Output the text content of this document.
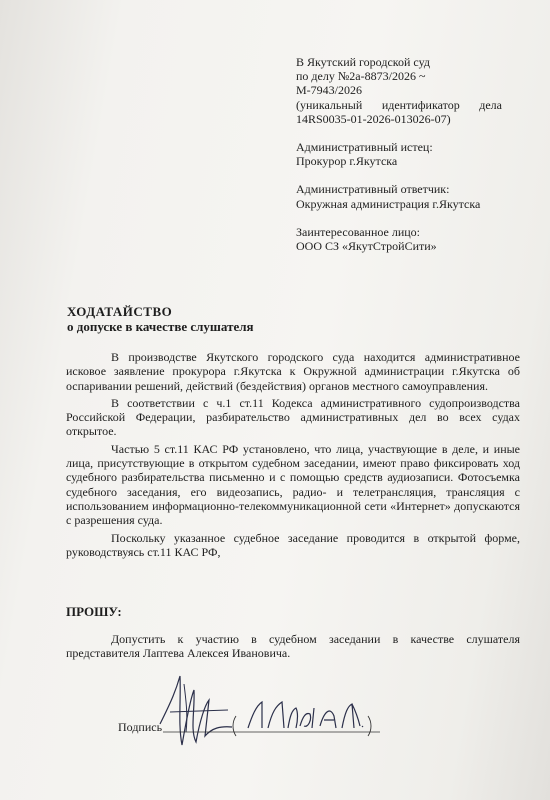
В Якутский городской суд

по делу №2а-8873/2026 ~

М-7943/2026

(уникальный идентификатор дела

14RS0035-01-2026-013026-07)

Административный истец:

Прокурор г.Якутска

Административный ответчик:

Окружная администрация г.Якутска

Заинтересованное лицо:

ООО СЗ «ЯкутСтройСити»

ХОДАТАЙСТВО
о допуске в качестве слушателя

В производстве Якутского городского суда находится административное исковое заявление прокурора г.Якутска к Окружной администрации г.Якутска об оспаривании решений, действий (бездействия) органов местного самоуправления.

В соответствии с ч.1 ст.11 Кодекса административного судопроизводства Российской Федерации, разбирательство административных дел во всех судах открытое.

Частью 5 ст.11 КАС РФ установлено, что лица, участвующие в деле, и иные лица, присутствующие в открытом судебном заседании, имеют право фиксировать ход судебного разбирательства письменно и с помощью средств аудиозаписи. Фотосъемка судебного заседания, его видеозапись, радио- и телетрансляция, трансляция с использованием информационно-телекоммуникационной сети «Интернет» допускаются с разрешения суда.

Поскольку указанное судебное заседание проводится в открытой форме, руководствуясь ст.11 КАС РФ,

ПРОШУ:

Допустить к участию в судебном заседании в качестве слушателя представителя Лаптева Алексея Ивановича.

Подпись
